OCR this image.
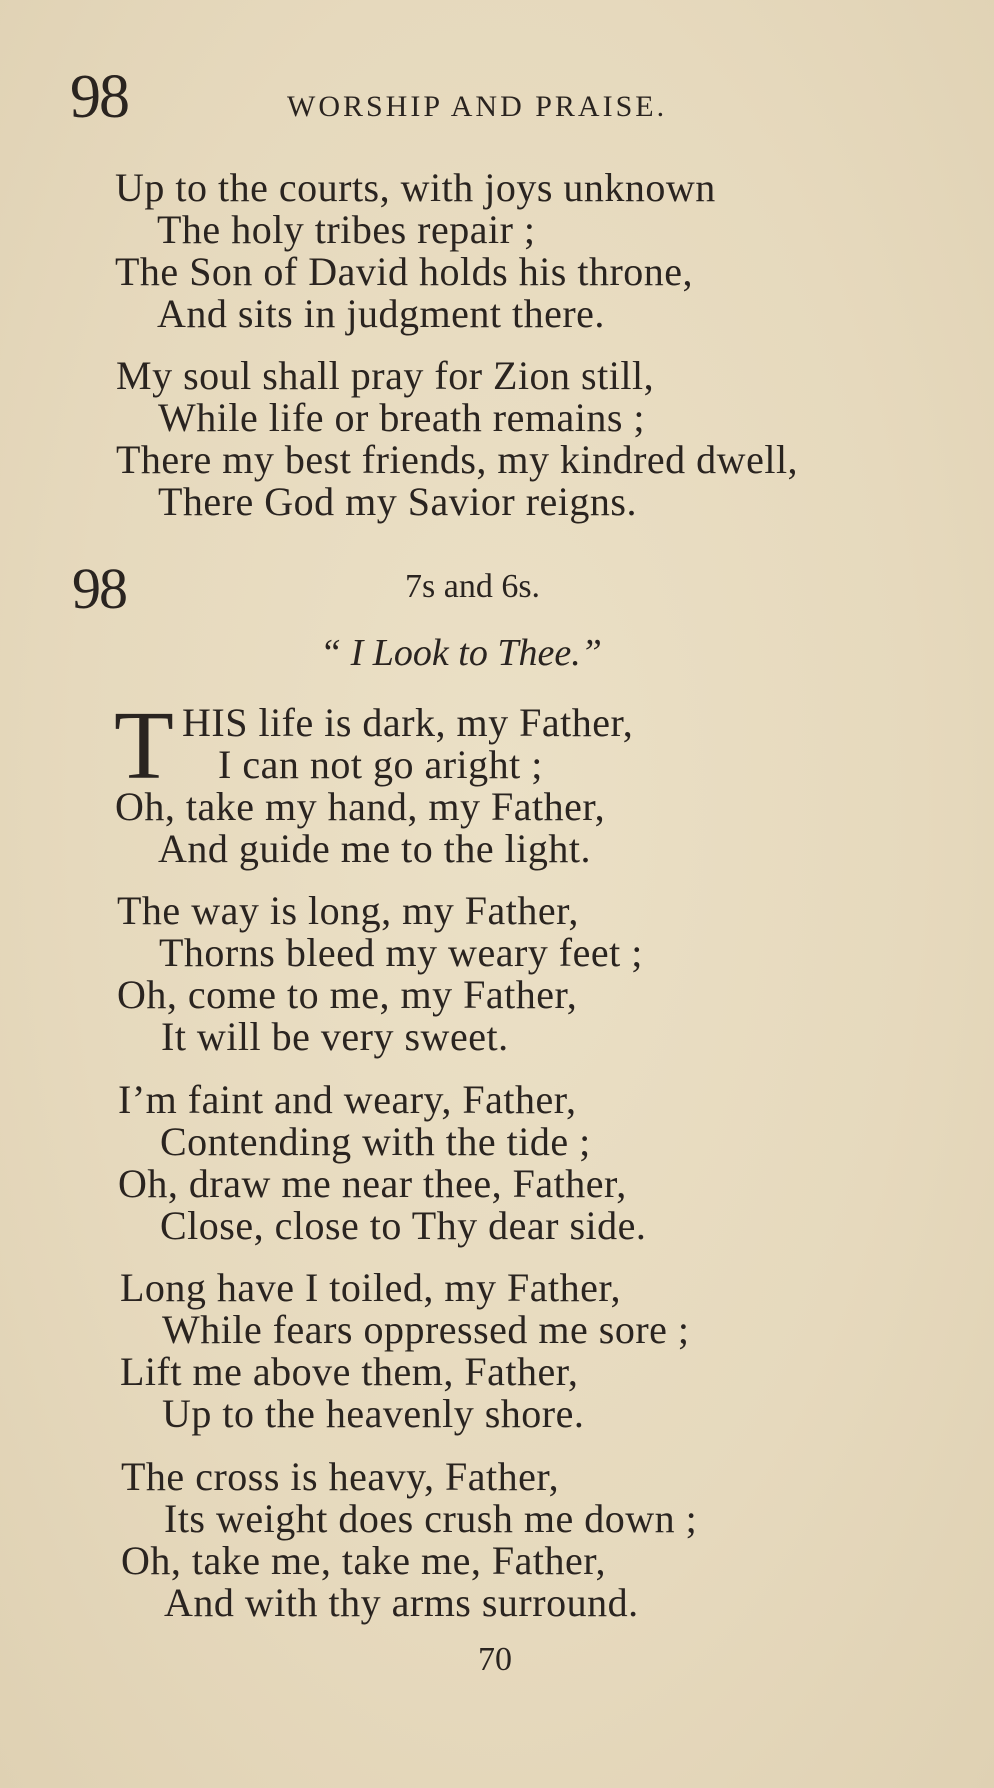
98	WORSHIP AND PRAISE.
Up to the courts, with joys unknown
The holy tribes repair ;
The Son of David holds his throne,
And sits in judgment there.
My soul shall pray for Zion still,
While life or breath remains ;
There my best friends, my kindred dwell,
There God my Savior reigns.
98	7s and 6s.
“ I Look to Thee.”
T HIS life is dark, my Father,
I can not go aright ;
Oh, take my hand, my Father,
And guide me to the light.
The way is long, my Father,
Thorns bleed my weary feet ;
Oh, come to me, my Father,
It will be very sweet.
I’m faint and weary, Father,
Contending with the tide ;
Oh, draw me near thee, Father,
Close, close to Thy dear side.
Long have I toiled, my Father,
While fears oppressed me sore ;
Lift me above them, Father,
Up to the heavenly shore.
The cross is heavy, Father,
Its weight does crush me down ;
Oh, take me, take me, Father,
And with thy arms surround.
70
